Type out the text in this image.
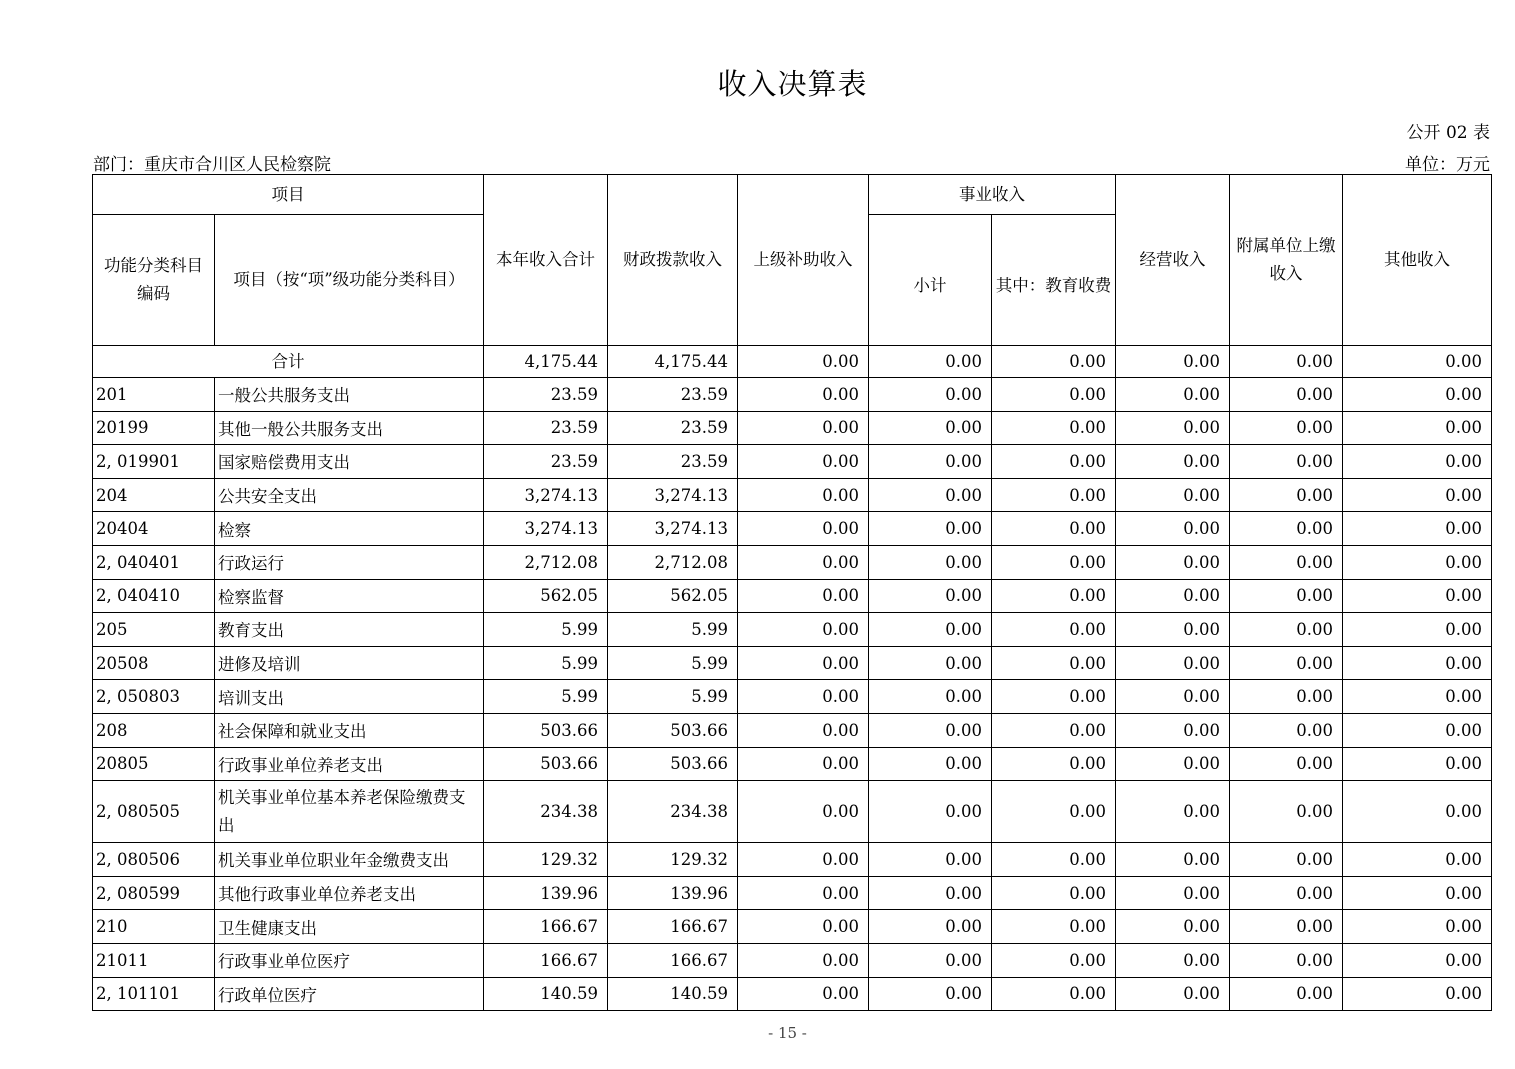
收入决算表
公开 02 表
部门：重庆市合川区人民检察院	单位：万元
项目		本年收入合计	财政拨款收入	上级补助收入	事业收入		经营收入	附属单位上缴收入	其他收入
功能分类科目编码	项目（按“项”级功能分类科目）				小计	其中：教育收费			
合计		4,175.44	4,175.44	0.00	0.00	0.00	0.00	0.00	0.00
201	一般公共服务支出	23.59	23.59	0.00	0.00	0.00	0.00	0.00	0.00
20199	其他一般公共服务支出	23.59	23.59	0.00	0.00	0.00	0.00	0.00	0.00
2, 019901	国家赔偿费用支出	23.59	23.59	0.00	0.00	0.00	0.00	0.00	0.00
204	公共安全支出	3,274.13	3,274.13	0.00	0.00	0.00	0.00	0.00	0.00
20404	检察	3,274.13	3,274.13	0.00	0.00	0.00	0.00	0.00	0.00
2, 040401	行政运行	2,712.08	2,712.08	0.00	0.00	0.00	0.00	0.00	0.00
2, 040410	检察监督	562.05	562.05	0.00	0.00	0.00	0.00	0.00	0.00
205	教育支出	5.99	5.99	0.00	0.00	0.00	0.00	0.00	0.00
20508	进修及培训	5.99	5.99	0.00	0.00	0.00	0.00	0.00	0.00
2, 050803	培训支出	5.99	5.99	0.00	0.00	0.00	0.00	0.00	0.00
208	社会保障和就业支出	503.66	503.66	0.00	0.00	0.00	0.00	0.00	0.00
20805	行政事业单位养老支出	503.66	503.66	0.00	0.00	0.00	0.00	0.00	0.00
2, 080505	机关事业单位基本养老保险缴费支出	234.38	234.38	0.00	0.00	0.00	0.00	0.00	0.00
2, 080506	机关事业单位职业年金缴费支出	129.32	129.32	0.00	0.00	0.00	0.00	0.00	0.00
2, 080599	其他行政事业单位养老支出	139.96	139.96	0.00	0.00	0.00	0.00	0.00	0.00
210	卫生健康支出	166.67	166.67	0.00	0.00	0.00	0.00	0.00	0.00
21011	行政事业单位医疗	166.67	166.67	0.00	0.00	0.00	0.00	0.00	0.00
2, 101101	行政单位医疗	140.59	140.59	0.00	0.00	0.00	0.00	0.00	0.00
- 15 -
